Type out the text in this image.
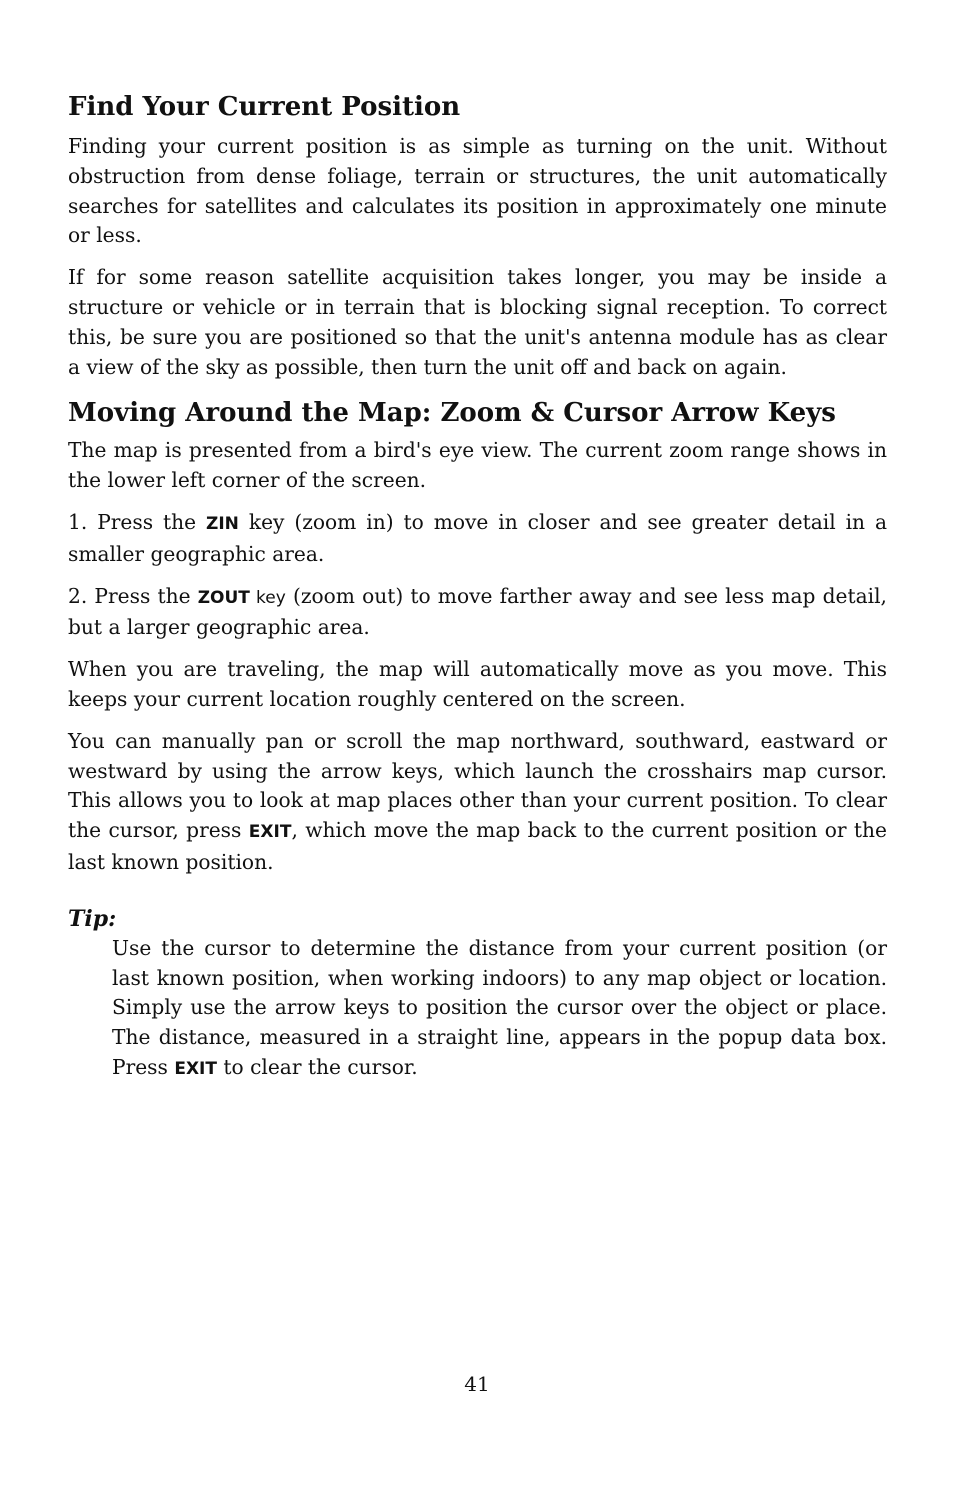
Find Your Current Position

Finding your current position is as simple as turning on the unit. Without obstruction from dense foliage, terrain or structures, the unit automatically searches for satellites and calculates its position in approximately one minute or less.

If for some reason satellite acquisition takes longer, you may be inside a structure or vehicle or in terrain that is blocking signal reception. To correct this, be sure you are positioned so that the unit's antenna module has as clear a view of the sky as possible, then turn the unit off and back on again.

Moving Around the Map: Zoom & Cursor Arrow Keys

The map is presented from a bird's eye view. The current zoom range shows in the lower left corner of the screen.

1. Press the ZIN key (zoom in) to move in closer and see greater detail in a smaller geographic area.

2. Press the ZOUT key (zoom out) to move farther away and see less map detail, but a larger geographic area.

When you are traveling, the map will automatically move as you move. This keeps your current location roughly centered on the screen.

You can manually pan or scroll the map northward, southward, eastward or westward by using the arrow keys, which launch the crosshairs map cursor. This allows you to look at map places other than your current position. To clear the cursor, press EXIT, which move the map back to the current position or the last known position.

Tip:

Use the cursor to determine the distance from your current position (or last known position, when working indoors) to any map object or location. Simply use the arrow keys to position the cursor over the object or place. The distance, measured in a straight line, appears in the popup data box. Press EXIT to clear the cursor.

41
